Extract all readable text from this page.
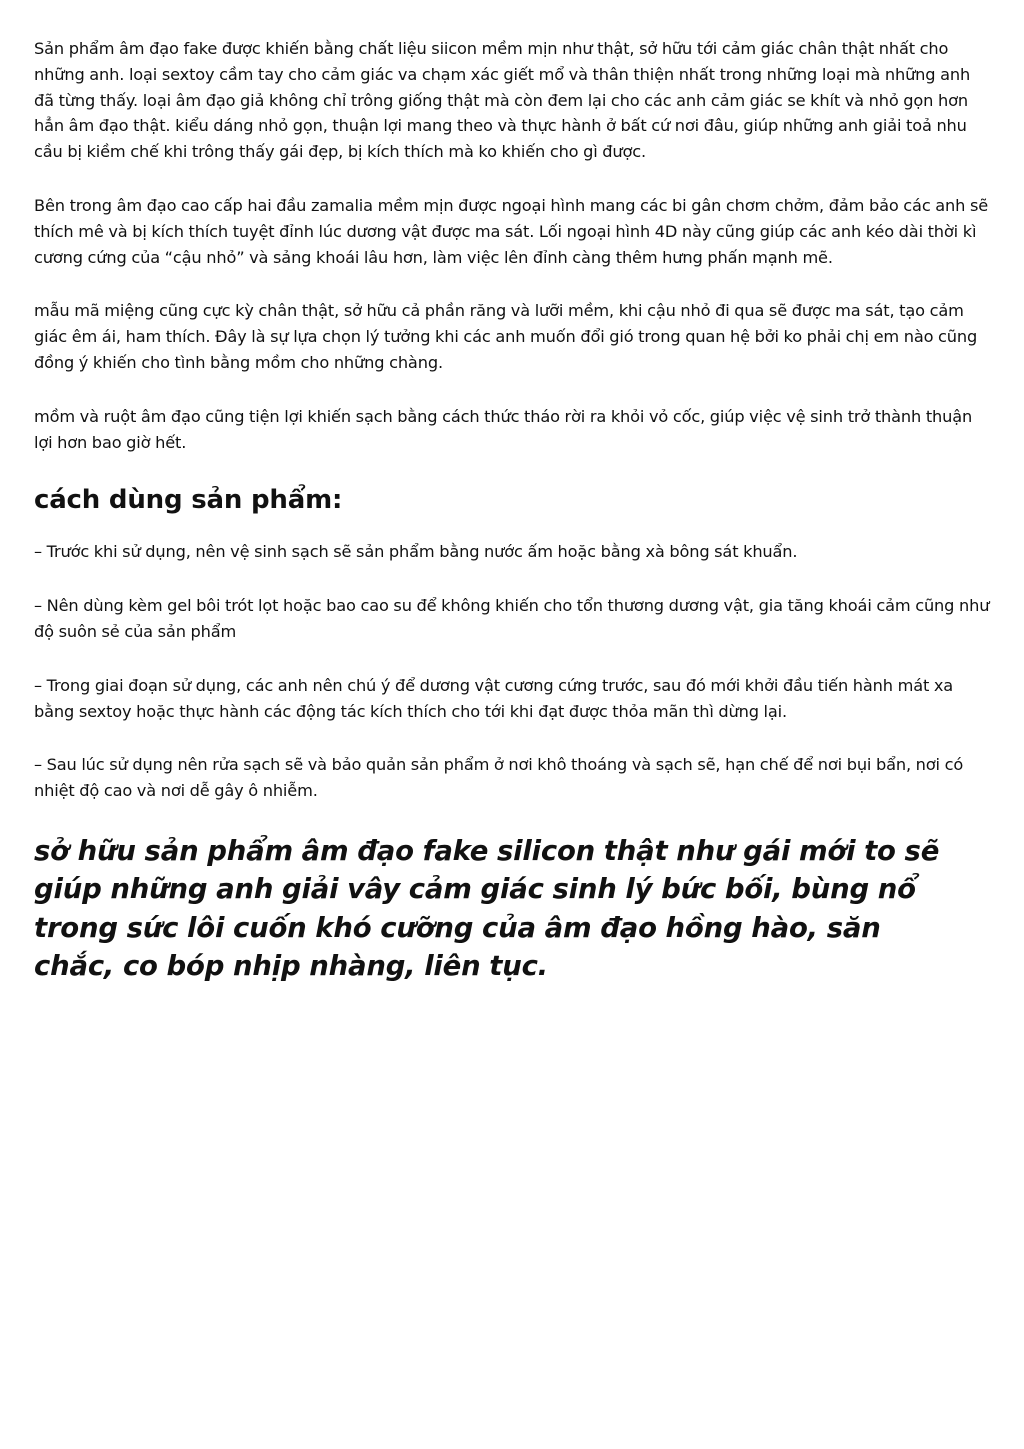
Sản phẩm âm đạo fake được khiến bằng chất liệu siicon mềm mịn như thật, sở hữu tới cảm giác chân thật nhất cho những anh. loại sextoy cầm tay cho cảm giác va chạm xác giết mổ và thân thiện nhất trong những loại mà những anh đã từng thấy. loại âm đạo giả không chỉ trông giống thật mà còn đem lại cho các anh cảm giác se khít và nhỏ gọn hơn hẳn âm đạo thật. kiểu dáng nhỏ gọn, thuận lợi mang theo và thực hành ở bất cứ nơi đâu, giúp những anh giải toả nhu cầu bị kiềm chế khi trông thấy gái đẹp, bị kích thích mà ko khiến cho gì được.

Bên trong âm đạo cao cấp hai đầu zamalia mềm mịn được ngoại hình mang các bi gân chơm chởm, đảm bảo các anh sẽ thích mê và bị kích thích tuyệt đỉnh lúc dương vật được ma sát. Lối ngoại hình 4D này cũng giúp các anh kéo dài thời kì cương cứng của “cậu nhỏ” và sảng khoái lâu hơn, làm việc lên đỉnh càng thêm hưng phấn mạnh mẽ.

mẫu mã miệng cũng cực kỳ chân thật, sở hữu cả phần răng và lưỡi mềm, khi cậu nhỏ đi qua sẽ được ma sát, tạo cảm giác êm ái, ham thích. Đây là sự lựa chọn lý tưởng khi các anh muốn đổi gió trong quan hệ bởi ko phải chị em nào cũng đồng ý khiến cho tình bằng mồm cho những chàng.

mồm và ruột âm đạo cũng tiện lợi khiến sạch bằng cách thức tháo rời ra khỏi vỏ cốc, giúp việc vệ sinh trở thành thuận lợi hơn bao giờ hết.

cách dùng sản phẩm:

– Trước khi sử dụng, nên vệ sinh sạch sẽ sản phẩm bằng nước ấm hoặc bằng xà bông sát khuẩn.

– Nên dùng kèm gel bôi trót lọt hoặc bao cao su để không khiến cho tổn thương dương vật, gia tăng khoái cảm cũng như độ suôn sẻ của sản phẩm

– Trong giai đoạn sử dụng, các anh nên chú ý để dương vật cương cứng trước, sau đó mới khởi đầu tiến hành mát xa bằng sextoy hoặc thực hành các động tác kích thích cho tới khi đạt được thỏa mãn thì dừng lại.

– Sau lúc sử dụng nên rửa sạch sẽ và bảo quản sản phẩm ở nơi khô thoáng và sạch sẽ, hạn chế để nơi bụi bẩn, nơi có nhiệt độ cao và nơi dễ gây ô nhiễm.

sở hữu sản phẩm âm đạo fake silicon thật như gái mới to sẽ giúp những anh giải vây cảm giác sinh lý bức bối, bùng nổ trong sức lôi cuốn khó cưỡng của âm đạo hồng hào, săn chắc, co bóp nhịp nhàng, liên tục.
